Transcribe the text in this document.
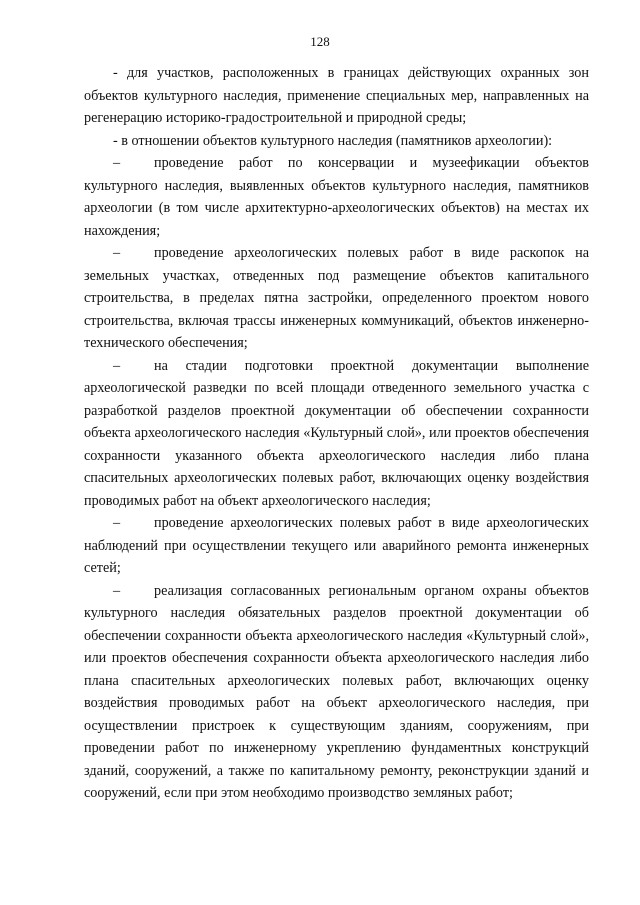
128

- для участков, расположенных в границах действующих охранных зон объектов культурного наследия, применение специальных мер, направленных на регенерацию историко-градостроительной и природной среды;

- в отношении объектов культурного наследия (памятников археологии):

– проведение работ по консервации и музеефикации объектов культурного наследия, выявленных объектов культурного наследия, памятников археологии (в том числе архитектурно-археологических объектов) на местах их нахождения;

– проведение археологических полевых работ в виде раскопок на земельных участках, отведенных под размещение объектов капитального строительства, в пределах пятна застройки, определенного проектом нового строительства, включая трассы инженерных коммуникаций, объектов инженерно-технического обеспечения;

– на стадии подготовки проектной документации выполнение археологической разведки по всей площади отведенного земельного участка с разработкой разделов проектной документации об обеспечении сохранности объекта археологического наследия «Культурный слой», или проектов обеспечения сохранности указанного объекта археологического наследия либо плана спасительных археологических полевых работ, включающих оценку воздействия проводимых работ на объект археологического наследия;

– проведение археологических полевых работ в виде археологических наблюдений при осуществлении текущего или аварийного ремонта инженерных сетей;

– реализация согласованных региональным органом охраны объектов культурного наследия обязательных разделов проектной документации об обеспечении сохранности объекта археологического наследия «Культурный слой», или проектов обеспечения сохранности объекта археологического наследия либо плана спасительных археологических полевых работ, включающих оценку воздействия проводимых работ на объект археологического наследия, при осуществлении пристроек к существующим зданиям, сооружениям, при проведении работ по инженерному укреплению фундаментных конструкций зданий, сооружений, а также по капитальному ремонту, реконструкции зданий и сооружений, если при этом необходимо производство земляных работ;
